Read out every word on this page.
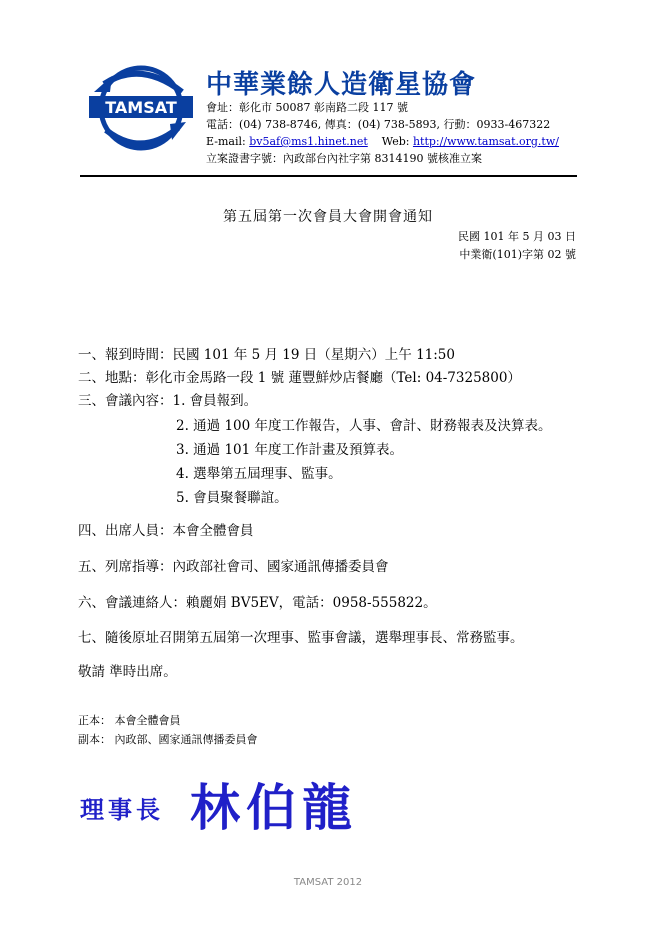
TAMSAT
中華業餘人造衛星協會
會址：彰化市 50087 彰南路二段 117 號
電話：(04) 738-8746, 傳真：(04) 738-5893, 行動：0933-467322
E-mail: bv5af@ms1.hinet.net Web: http://www.tamsat.org.tw/
立案證書字號：內政部台內社字第 8314190 號核准立案
第五屆第一次會員大會開會通知
民國 101 年 5 月 03 日
中業衛(101)字第 02 號
一、報到時間：民國 101 年 5 月 19 日（星期六）上午 11:50
二、地點：彰化市金馬路一段 1 號 蓮豐鮮炒店餐廳（Tel: 04-7325800）
三、會議內容：1. 會員報到。
2. 通過 100 年度工作報告，人事、會計、財務報表及決算表。
3. 通過 101 年度工作計畫及預算表。
4. 選舉第五屆理事、監事。
5. 會員聚餐聯誼。
四、出席人員：本會全體會員
五、列席指導：內政部社會司、國家通訊傳播委員會
六、會議連絡人：賴麗娟 BV5EV，電話：0958-555822。
七、隨後原址召開第五屆第一次理事、監事會議，選舉理事長、常務監事。
敬請 準時出席。
正本： 本會全體會員
副本： 內政部、國家通訊傳播委員會
理事長 林伯龍
TAMSAT 2012
